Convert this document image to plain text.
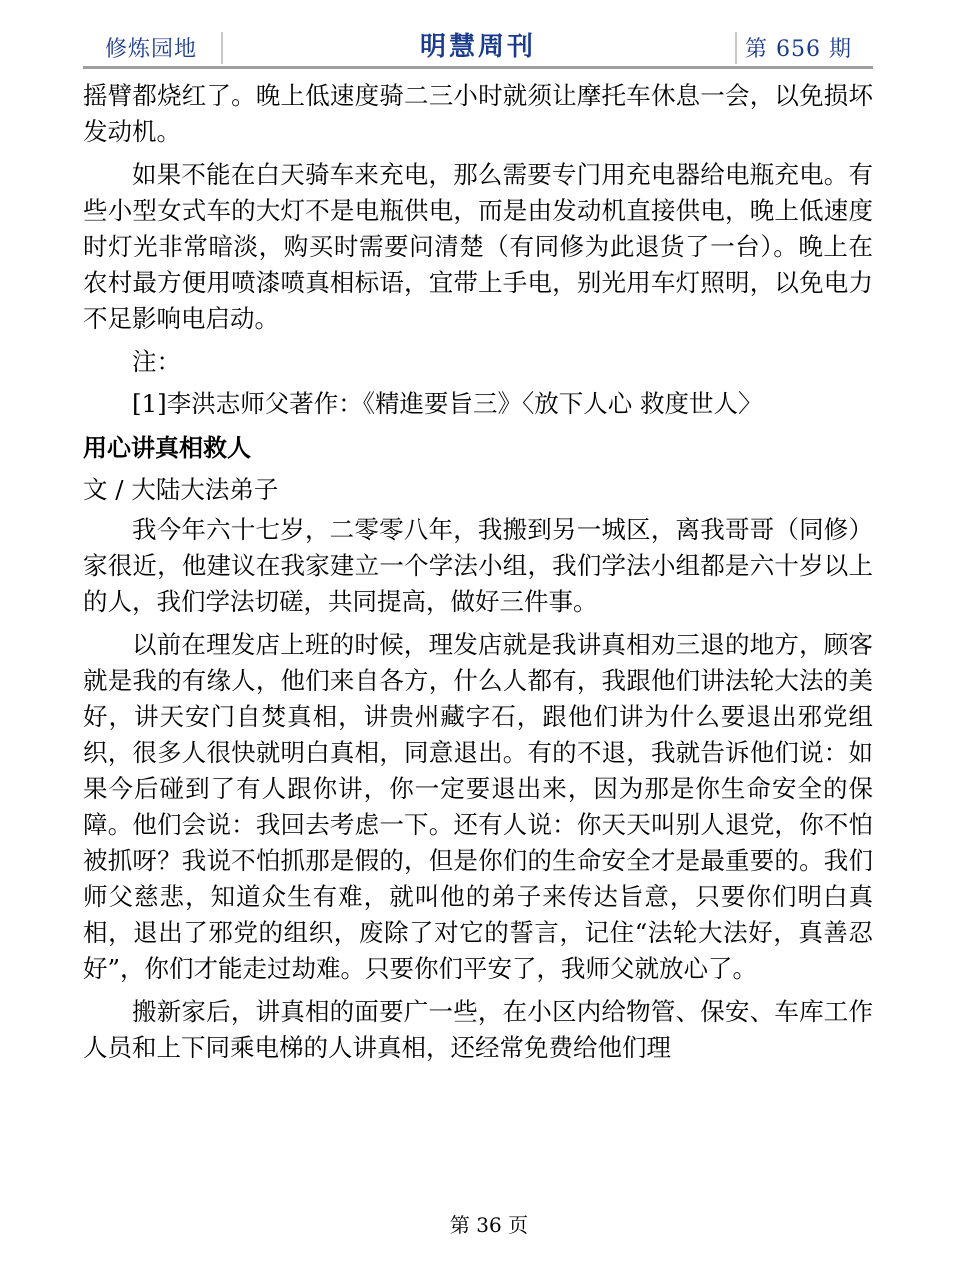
修炼园地	明慧周刊	第 656 期

摇臂都烧红了。晚上低速度骑二三小时就须让摩托车休息一会，以免损坏发动机。

如果不能在白天骑车来充电，那么需要专门用充电器给电瓶充电。有些小型女式车的大灯不是电瓶供电，而是由发动机直接供电，晚上低速度时灯光非常暗淡，购买时需要问清楚（有同修为此退货了一台）。晚上在农村最方便用喷漆喷真相标语，宜带上手电，别光用车灯照明，以免电力不足影响电启动。

注：

[1]李洪志师父著作：《精進要旨三》〈放下人心 救度世人〉

用心讲真相救人
文 / 大陆大法弟子

我今年六十七岁，二零零八年，我搬到另一城区，离我哥哥（同修）家很近，他建议在我家建立一个学法小组，我们学法小组都是六十岁以上的人，我们学法切磋，共同提高，做好三件事。

以前在理发店上班的时候，理发店就是我讲真相劝三退的地方，顾客就是我的有缘人，他们来自各方，什么人都有，我跟他们讲法轮大法的美好，讲天安门自焚真相，讲贵州藏字石，跟他们讲为什么要退出邪党组织，很多人很快就明白真相，同意退出。有的不退，我就告诉他们说：如果今后碰到了有人跟你讲，你一定要退出来，因为那是你生命安全的保障。他们会说：我回去考虑一下。还有人说：你天天叫别人退党，你不怕被抓呀？我说不怕抓那是假的，但是你们的生命安全才是最重要的。我们师父慈悲，知道众生有难，就叫他的弟子来传达旨意，只要你们明白真相，退出了邪党的组织，废除了对它的誓言，记住“法轮大法好，真善忍好”，你们才能走过劫难。只要你们平安了，我师父就放心了。

搬新家后，讲真相的面要广一些，在小区内给物管、保安、车库工作人员和上下同乘电梯的人讲真相，还经常免费给他们理

第 36 页
